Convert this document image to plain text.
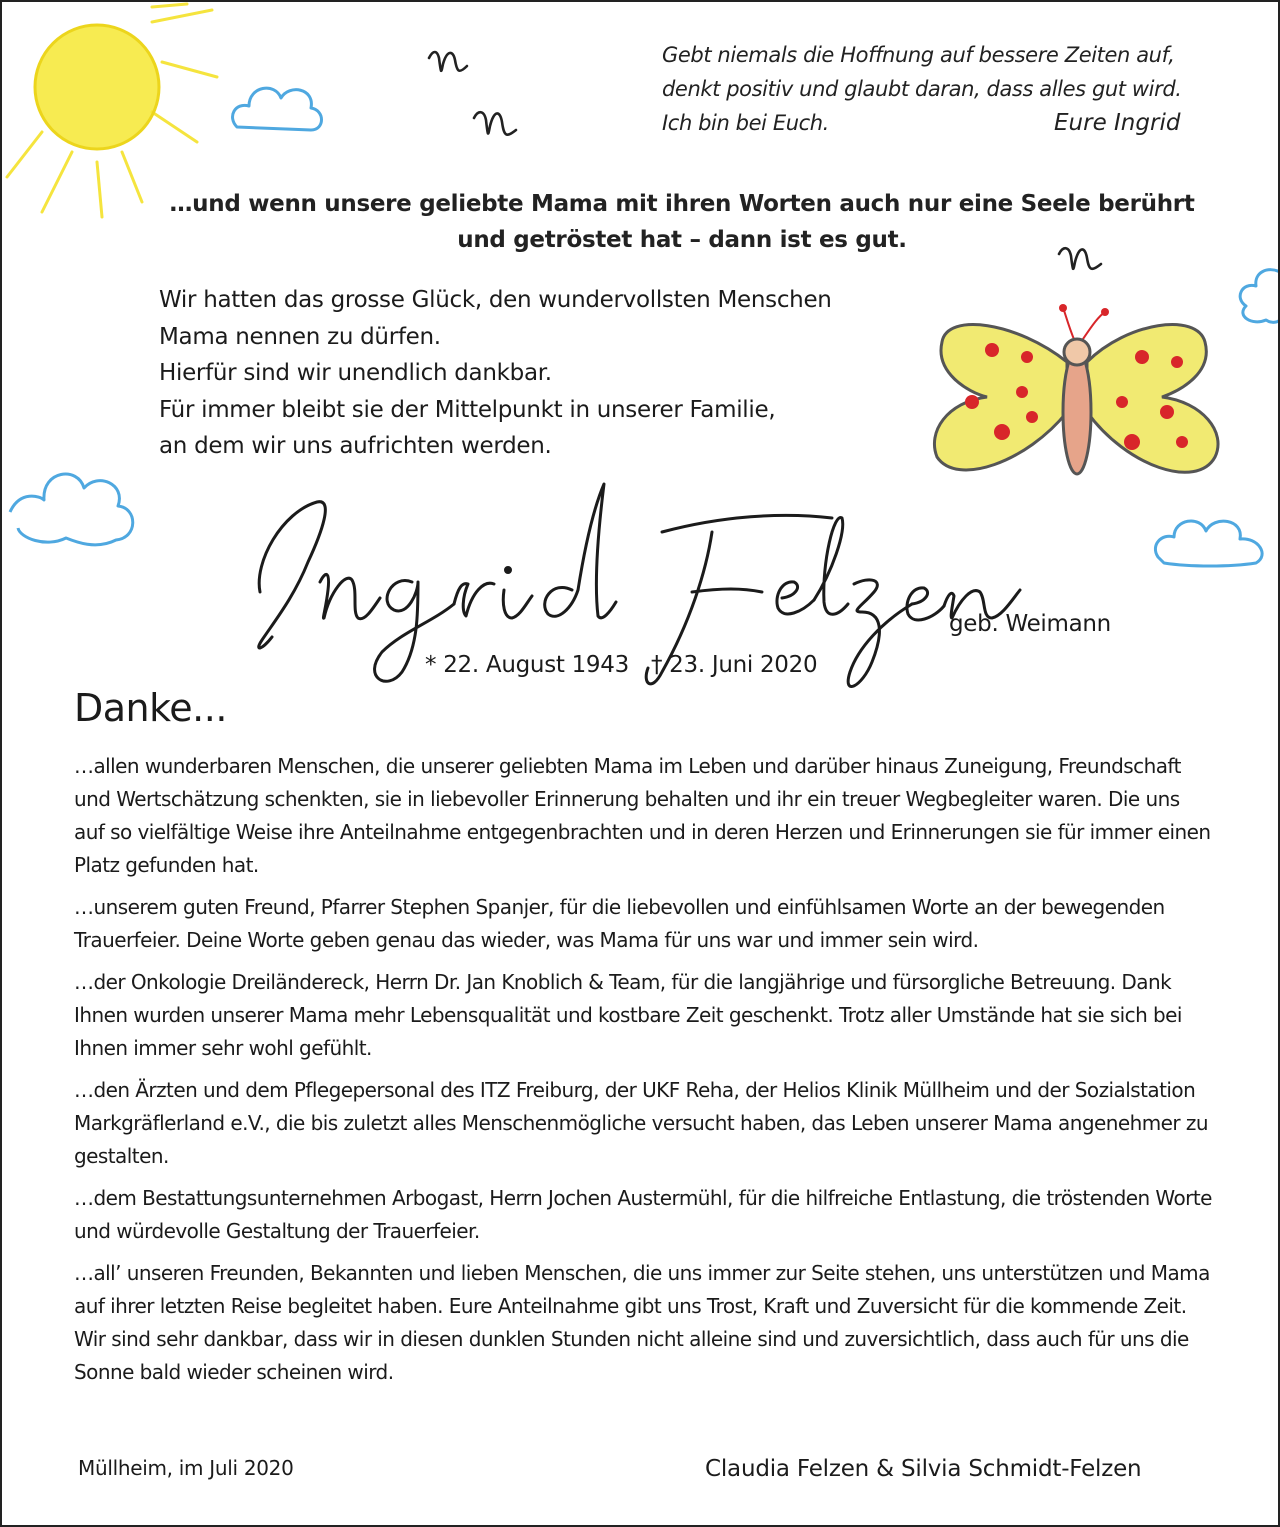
Gebt niemals die Hoffnung auf bessere Zeiten auf,
denkt positiv und glaubt daran, dass alles gut wird.
Ich bin bei Euch.	Eure Ingrid
…und wenn unsere geliebte Mama mit ihren Worten auch nur eine Seele berührt
und getröstet hat – dann ist es gut.
Wir hatten das grosse Glück, den wundervollsten Menschen
Mama nennen zu dürfen.
Hierfür sind wir unendlich dankbar.
Für immer bleibt sie der Mittelpunkt in unserer Familie,
an dem wir uns aufrichten werden.
geb. Weimann
* 22. August 1943 † 23. Juni 2020
Danke...

…allen wunderbaren Menschen, die unserer geliebten Mama im Leben und darüber hinaus Zuneigung, Freundschaft und Wertschätzung schenkten, sie in liebevoller Erinnerung behalten und ihr ein treuer Wegbegleiter waren. Die uns auf so vielfältige Weise ihre Anteilnahme entgegenbrachten und in deren Herzen und Erinnerungen sie für immer einen Platz gefunden hat.

…unserem guten Freund, Pfarrer Stephen Spanjer, für die liebevollen und einfühlsamen Worte an der bewegenden Trauerfeier. Deine Worte geben genau das wieder, was Mama für uns war und immer sein wird.

…der Onkologie Dreiländereck, Herrn Dr. Jan Knoblich & Team, für die langjährige und fürsorgliche Betreuung. Dank Ihnen wurden unserer Mama mehr Lebensqualität und kostbare Zeit geschenkt. Trotz aller Umstände hat sie sich bei Ihnen immer sehr wohl gefühlt.

…den Ärzten und dem Pflegepersonal des ITZ Freiburg, der UKF Reha, der Helios Klinik Müllheim und der Sozialstation Markgräflerland e.V., die bis zuletzt alles Menschenmögliche versucht haben, das Leben unserer Mama angenehmer zu gestalten.

…dem Bestattungsunternehmen Arbogast, Herrn Jochen Austermühl, für die hilfreiche Entlastung, die tröstenden Worte und würdevolle Gestaltung der Trauerfeier.

…all’ unseren Freunden, Bekannten und lieben Menschen, die uns immer zur Seite stehen, uns unterstützen und Mama auf ihrer letzten Reise begleitet haben. Eure Anteilnahme gibt uns Trost, Kraft und Zuversicht für die kommende Zeit. Wir sind sehr dankbar, dass wir in diesen dunklen Stunden nicht alleine sind und zuversichtlich, dass auch für uns die Sonne bald wieder scheinen wird.

Müllheim, im Juli 2020	Claudia Felzen & Silvia Schmidt-Felzen
